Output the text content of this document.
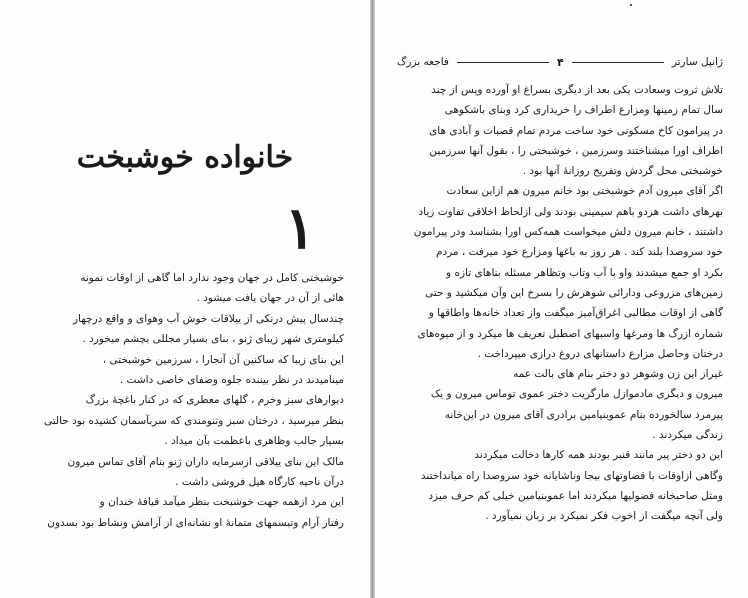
خانواده خوشبخت
۱
خوشبختی کامل در جهان وجود ندارد اما گاهی از اوقات نمونه
هائی از آن در جهان یافت میشود .
چندسال پیش درنکی از ییلاقات خوش آب وهوای و واقع درچهار
کیلومتری شهر زیبای ژنو ، بنای بسیار مجللی بچشم میخورد .
این بنای زیبا که ساکنین آن آنجارا ، سرزمین خوشبختی ،
مینامیدند در نظر بیننده جلوه وصفای خاصی داشت .
دیوارهای سبز وخرم ، گلهای معطری که در کنار باغچهٔ بزرگ
بنظر میرسید ، درختان سبز وتنومندی که سربآسمان کشیده بود حالتی
بسیار جالب وظاهری باعظمت بآن میداد .
مالک این بنای ییلاقی ازسرمایه داران ژنو بنام آقای تماس میرون
درآن ناحیه کارگاه هیل فروشی داشت .
این مرد ازهمه جهت خوشبخت بنظر میآمد قیافهٔ خندان و
رفتار آرام وتبسمهای متمانهٔ او نشانه‌ای از آرامش ونشاط بود بسدون
ژانپل سارتر
۴
فاجعه بزرگ
تلاش ثروت وسعادت یکی بعد از دیگری بسراغ او آورده وپس از چند
سال تمام زمینها ومزارع اطراف را خریداری کرد وبنای باشکوهی
در پیرامون کاخ مسکونی خود ساخت مردم تمام قصبات و آبادی های
اطراف اورا میشناختند وسرزمین ، خوشبختی را ، بقول آنها سرزمین
خوشبختی محل گردش وتفریح روزانهٔ آنها بود .
اگر آقای میرون آدم خوشبختی بود خانم میرون هم ازاین سعادت
بهرهای داشت هردو باهم سیمینی بودند ولی ازلحاظ اخلاقی تفاوت زیاد
داشتند ، خانم میرون دلش میخواست همه‌کس اورا بشناسد ودر پیرامون
خود سروصدا بلند کند . هر روز به باغها ومزارع خود میرفت ، مردم
بکرد او جمع میشدند واو با آب وتاب وتظاهر مسئله بناهای تازه و
زمین‌های مزروعی ودارائی شوهرش را بسرخ این وآن میکشید و حتی
گاهی از اوقات مطالبی اغراق‌آمیز میگفت واز تعداد خانه‌ها واطاقها و
شماره ازرگ ها ومرغها واسبهای اصطبل تعریف ها میکرد و از میوه‌های
درختان وحاصل مزارع داستانهای دروغ درازی میپرداخت .
غیراز این زن وشوهر دو دختر بنام های بالت عمه
میرون و دیگری مادموازل مارگریت دختر عموی توماس میرون و یک
پیرمرد سالخورده بنام عموبنیامین برادری آقای میرون در این‌خانه
زندگی میکردند .
این دو دختر پیر مانند قنبر بودند همه کارها دخالت میکردند
وگاهی ازاوقات با قضاوتهای بیجا وناشایانه خود سروصدا راه میانداختند
ومثل صاحبخانه فضولیها میکردند اما عموبنیامین خیلی کم حرف میزد
ولی آنچه میگفت از اخوب فکر نمیکرد بر زبان نمیآورد .
